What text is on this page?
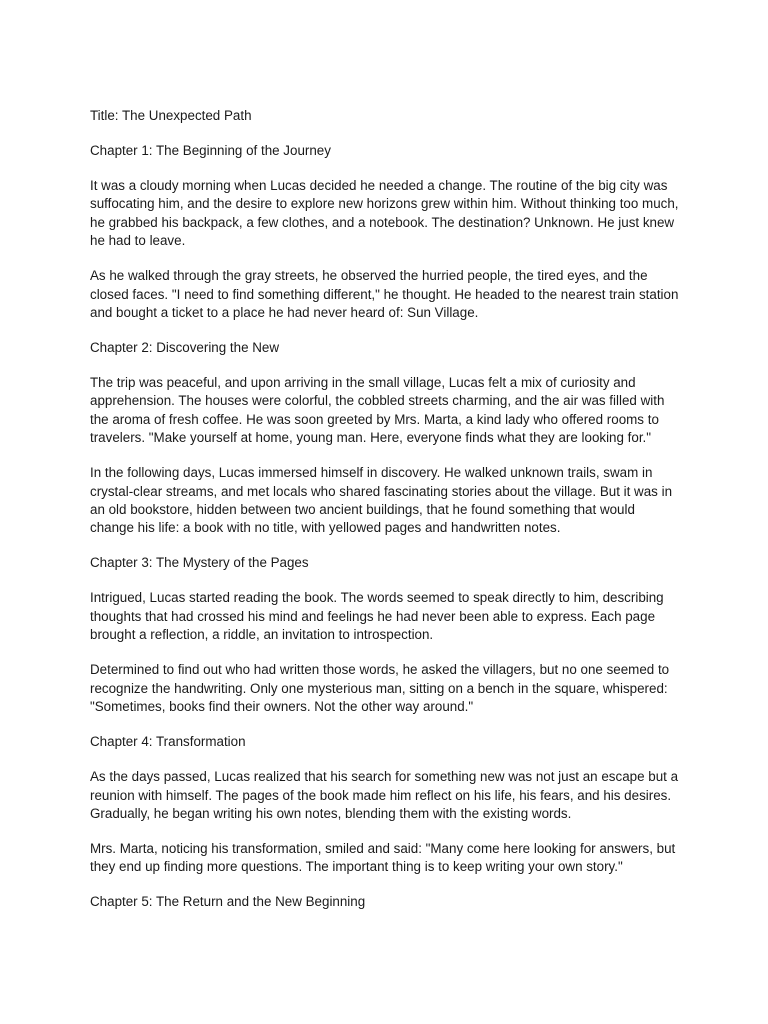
Title: The Unexpected Path

Chapter 1: The Beginning of the Journey

It was a cloudy morning when Lucas decided he needed a change. The routine of the big city was suffocating him, and the desire to explore new horizons grew within him. Without thinking too much, he grabbed his backpack, a few clothes, and a notebook. The destination? Unknown. He just knew he had to leave.

As he walked through the gray streets, he observed the hurried people, the tired eyes, and the closed faces. "I need to find something different," he thought. He headed to the nearest train station and bought a ticket to a place he had never heard of: Sun Village.

Chapter 2: Discovering the New

The trip was peaceful, and upon arriving in the small village, Lucas felt a mix of curiosity and apprehension. The houses were colorful, the cobbled streets charming, and the air was filled with the aroma of fresh coffee. He was soon greeted by Mrs. Marta, a kind lady who offered rooms to travelers. "Make yourself at home, young man. Here, everyone finds what they are looking for."

In the following days, Lucas immersed himself in discovery. He walked unknown trails, swam in crystal-clear streams, and met locals who shared fascinating stories about the village. But it was in an old bookstore, hidden between two ancient buildings, that he found something that would change his life: a book with no title, with yellowed pages and handwritten notes.

Chapter 3: The Mystery of the Pages

Intrigued, Lucas started reading the book. The words seemed to speak directly to him, describing thoughts that had crossed his mind and feelings he had never been able to express. Each page brought a reflection, a riddle, an invitation to introspection.

Determined to find out who had written those words, he asked the villagers, but no one seemed to recognize the handwriting. Only one mysterious man, sitting on a bench in the square, whispered: "Sometimes, books find their owners. Not the other way around."

Chapter 4: Transformation

As the days passed, Lucas realized that his search for something new was not just an escape but a reunion with himself. The pages of the book made him reflect on his life, his fears, and his desires. Gradually, he began writing his own notes, blending them with the existing words.

Mrs. Marta, noticing his transformation, smiled and said: "Many come here looking for answers, but they end up finding more questions. The important thing is to keep writing your own story."

Chapter 5: The Return and the New Beginning
